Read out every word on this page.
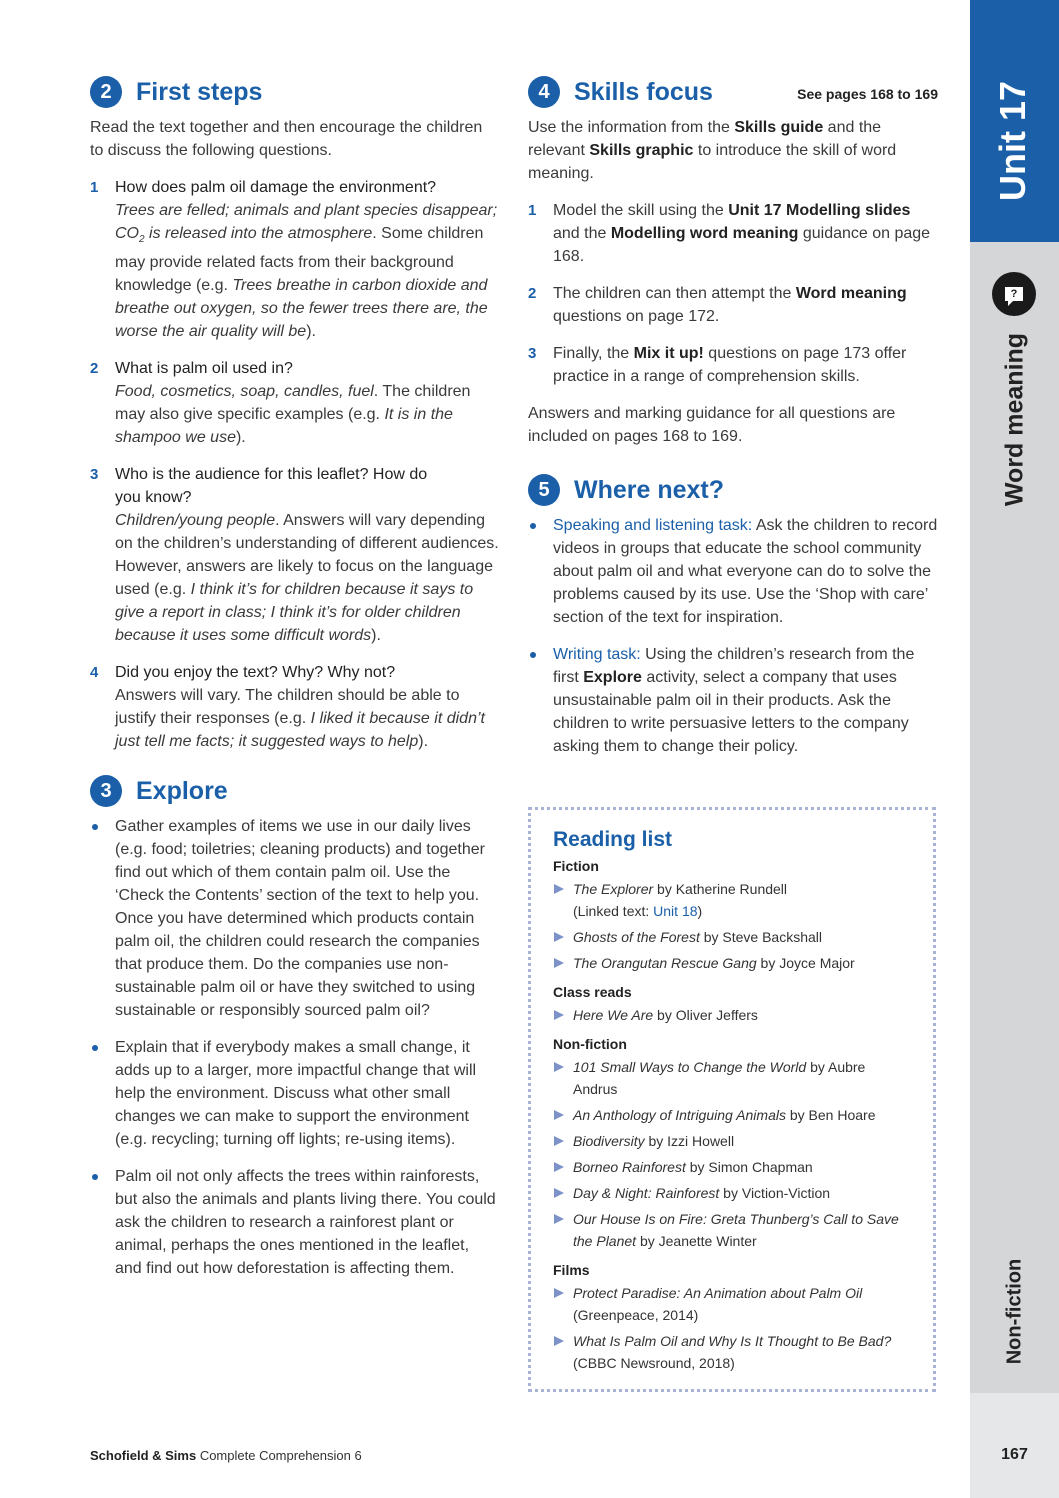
2 First steps

Read the text together and then encourage the children to discuss the following questions.

1	How does palm oil damage the environment?
Trees are felled; animals and plant species disappear; $CO_2$ is released into the atmosphere. Some children may provide related facts from their background knowledge (e.g. Trees breathe in carbon dioxide and breathe out oxygen, so the fewer trees there are, the worse the air quality will be).
2	What is palm oil used in?
Food, cosmetics, soap, candles, fuel. The children may also give specific examples (e.g. It is in the shampoo we use).
3	Who is the audience for this leaflet? How do you know?
Children/young people. Answers will vary depending on the children’s understanding of different audiences. However, answers are likely to focus on the language used (e.g. I think it’s for children because it says to give a report in class; I think it’s for older children because it uses some difficult words).
4	Did you enjoy the text? Why? Why not?
Answers will vary. The children should be able to justify their responses (e.g. I liked it because it didn’t just tell me facts; it suggested ways to help).
3 Explore
Gather examples of items we use in our daily lives (e.g. food; toiletries; cleaning products) and together find out which of them contain palm oil. Use the ‘Check the Contents’ section of the text to help you. Once you have determined which products contain palm oil, the children could research the companies that produce them. Do the companies use non-sustainable palm oil or have they switched to using sustainable or responsibly sourced palm oil?
Explain that if everybody makes a small change, it adds up to a larger, more impactful change that will help the environment. Discuss what other small changes we can make to support the environment (e.g. recycling; turning off lights; re-using items).
Palm oil not only affects the trees within rainforests, but also the animals and plants living there. You could ask the children to research a rainforest plant or animal, perhaps the ones mentioned in the leaflet, and find out how deforestation is affecting them.
4 Skills focus	See pages 168 to 169

Use the information from the Skills guide and the relevant Skills graphic to introduce the skill of word meaning.

1	Model the skill using the Unit 17 Modelling slides and the Modelling word meaning guidance on page 168.
2	The children can then attempt the Word meaning questions on page 172.
3	Finally, the Mix it up! questions on page 173 offer practice in a range of comprehension skills.

Answers and marking guidance for all questions are included on pages 168 to 169.

5 Where next?
Speaking and listening task: Ask the children to record videos in groups that educate the school community about palm oil and what everyone can do to solve the problems caused by its use. Use the ‘Shop with care’ section of the text for inspiration.
Writing task: Using the children’s research from the first Explore activity, select a company that uses unsustainable palm oil in their products. Ask the children to write persuasive letters to the company asking them to change their policy.
Reading list
Fiction
The Explorer by Katherine Rundell
(Linked text: Unit 18)
Ghosts of the Forest by Steve Backshall
The Orangutan Rescue Gang by Joyce Major
Class reads
Here We Are by Oliver Jeffers
Non-fiction
101 Small Ways to Change the World by Aubre Andrus
An Anthology of Intriguing Animals by Ben Hoare
Biodiversity by Izzi Howell
Borneo Rainforest by Simon Chapman
Day & Night: Rainforest by Viction-Viction
Our House Is on Fire: Greta Thunberg’s Call to Save the Planet by Jeanette Winter
Films
Protect Paradise: An Animation about Palm Oil
(Greenpeace, 2014)
What Is Palm Oil and Why Is It Thought to Be Bad?
(CBBC Newsround, 2018)
Unit 17
?
Word meaning
Non-fiction
167
Schofield & Sims Complete Comprehension 6
